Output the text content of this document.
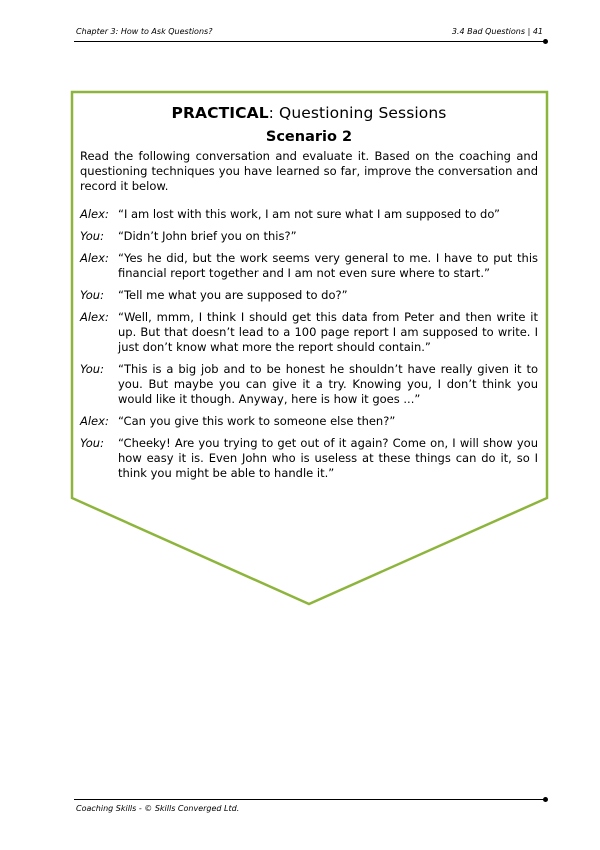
Chapter 3: How to Ask Questions?	3.4 Bad Questions | 41

PRACTICAL: Questioning Sessions

Scenario 2

Read the following conversation and evaluate it. Based on the coaching and questioning techniques you have learned so far, improve the conversation and record it below.

Alex: “I am lost with this work, I am not sure what I am supposed to do”
You:	“Didn’t John brief you on this?”
Alex: “Yes he did, but the work seems very general to me. I have to put this financial report together and I am not even sure where to start.”
You:	“Tell me what you are supposed to do?”
Alex: “Well, mmm, I think I should get this data from Peter and then write it up. But that doesn’t lead to a 100 page report I am supposed to write. I just don’t know what more the report should contain.”
You:	“This is a big job and to be honest he shouldn’t have really given it to you. But maybe you can give it a try. Knowing you, I don’t think you would like it though. Anyway, here is how it goes ...”
Alex: “Can you give this work to someone else then?”
You:	“Cheeky! Are you trying to get out of it again? Come on, I will show you how easy it is. Even John who is useless at these things can do it, so I think you might be able to handle it.”
Coaching Skills - © Skills Converged Ltd.
